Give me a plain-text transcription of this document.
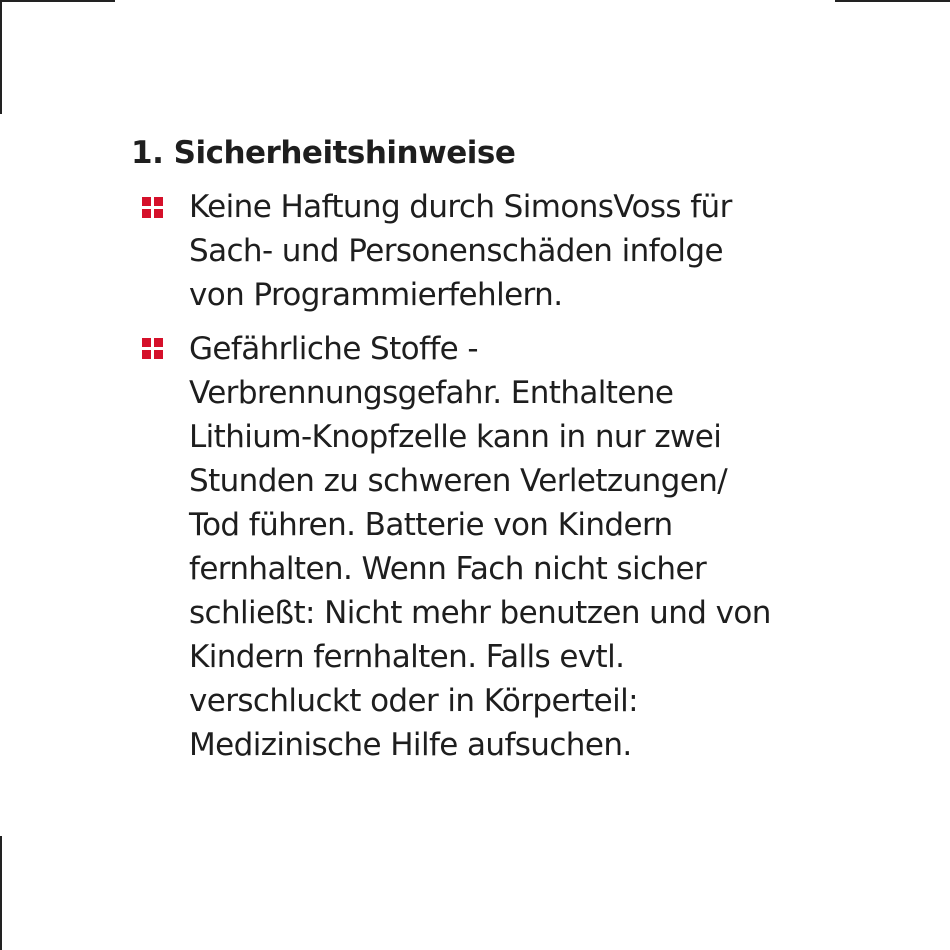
1. Sicherheitshinweise

Keine Haftung durch SimonsVoss für
Sach- und Personenschäden infolge
von Programmierfehlern.

Gefährliche Stoffe -
Verbrennungsgefahr. Enthaltene
Lithium-Knopfzelle kann in nur zwei
Stunden zu schweren Verletzungen/
Tod führen. Batterie von Kindern
fernhalten. Wenn Fach nicht sicher
schließt: Nicht mehr benutzen und von
Kindern fernhalten. Falls evtl.
verschluckt oder in Körperteil:
Medizinische Hilfe aufsuchen.
